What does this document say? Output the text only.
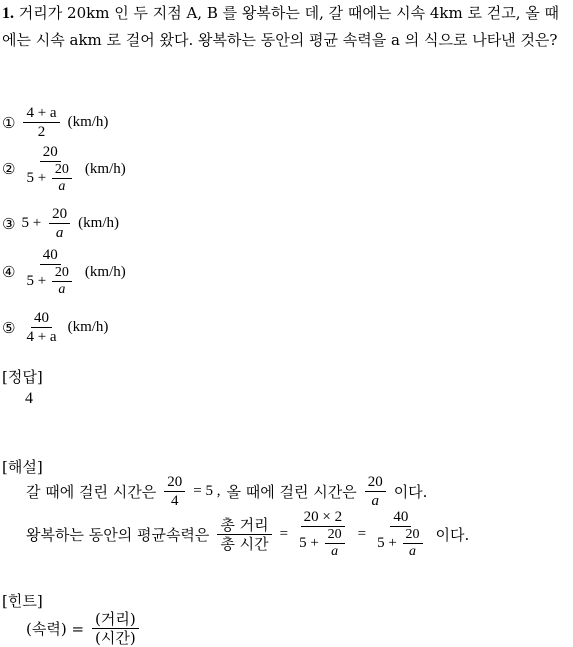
1. 거리가 20km 인 두 지점 A, B 를 왕복하는 데, 갈 때에는 시속 4km 로 걷고, 올 때에는 시속 akm 로 걸어 왔다. 왕복하는 동안의 평균 속력을 a 의 식으로 나타낸 것은?
① $\frac{4 + a}{2} (km/h)$
② $\frac{20}{5 + \frac{20}{a}} (km/h)$
③ $5 + \frac{20}{a} (km/h)$
④ $\frac{40}{5 + \frac{20}{a}} (km/h)$
⑤ $\frac{40}{4 + a} (km/h)$
[정답]
4
[해설]
갈 때에 걸린 시간은 $\frac{20}{4} = 5$ , 올 때에 걸린 시간은 $\frac{20}{a}$ 이다.
왕복하는 동안의 평균속력은 $\frac{\text{총 거리}}{\text{총 시간}} = \frac{20 \times 2}{5 + \frac{20}{a}} = \frac{40}{5 + \frac{20}{a}}$ 이다.
[힌트]
(속력) = $\frac{\text{(거리)}}{\text{(시간)}}$
